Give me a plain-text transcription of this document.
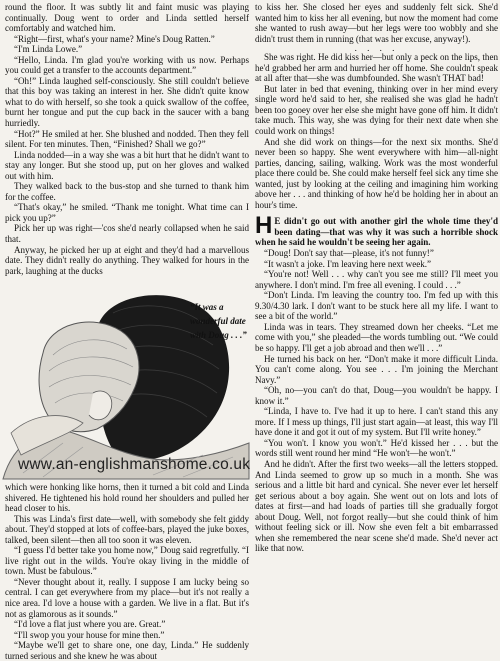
round the floor. It was subtly lit and faint music was playing continually. Doug went to order and Linda settled herself comfortably and watched him.

“Right—first, what's your name? Mine's Doug Ratten.”

“I'm Linda Lowe.”

“Hello, Linda. I'm glad you're working with us now. Perhaps you could get a transfer to the accounts department.”

“Oh!” Linda laughed self-consciously. She still couldn't believe that this boy was taking an interest in her. She didn't quite know what to do with herself, so she took a quick swallow of the coffee, burnt her tongue and put the cup back in the saucer with a bang hurriedly.

“Hot?” He smiled at her. She blushed and nodded. Then they fell silent. For ten minutes. Then, “Finished? Shall we go?”

Linda nodded—in a way she was a bit hurt that he didn't want to stay any longer. But she stood up, put on her gloves and walked out with him.

They walked back to the bus-stop and she turned to thank him for the coffee.

“That's okay,” he smiled. “Thank me tonight. What time can I pick you up?”

Pick her up was right—'cos she'd nearly collapsed when he said that.

Anyway, he picked her up at eight and they'd had a marvellous date. They didn't really do anything. They walked for hours in the park, laughing at the ducks

“It was a wonderful date with Doug . . .”
www.an-englishmanshome.co.uk

which were honking like horns, then it turned a bit cold and Linda shivered. He tightened his hold round her shoulders and pulled her head closer to his.

This was Linda's first date—well, with somebody she felt giddy about. They'd stopped at lots of coffee-bars, played the juke boxes, talked, been silent—then all too soon it was eleven.

“I guess I'd better take you home now,” Doug said regretfully. “I live right out in the wilds. You're okay living in the middle of town. Must be fabulous.”

“Never thought about it, really. I suppose I am lucky being so central. I can get everywhere from my place—but it's not really a nice area. I'd love a house with a garden. We live in a flat. But it's not as glamorous as it sounds.”

“I'd love a flat just where you are. Great.”

“I'll swop you your house for mine then.”

“Maybe we'll get to share one, one day, Linda.” He suddenly turned serious and she knew he was about

to kiss her. She closed her eyes and suddenly felt sick. She'd wanted him to kiss her all evening, but now the moment had come she wanted to rush away—but her legs were too wobbly and she didn't trust them in running (that was her excuse, anyway!).

. . . .

She was right. He did kiss her—but only a peck on the lips, then he'd grabbed her arm and hurried her off home. She couldn't speak at all after that—she was dumbfounded. She wasn't THAT bad!

But later in bed that evening, thinking over in her mind every single word he'd said to her, she realised she was glad he hadn't been too gooey over her else she might have gone off him. It didn't take much. This way, she was dying for their next date when she could work on things!

And she did work on things—for the next six months. She'd never been so happy. She went everywhere with him—all-night parties, dancing, sailing, walking. Work was the most wonderful place there could be. She could make herself feel sick any time she wanted, just by looking at the ceiling and imagining him working above her . . . and thinking of how he'd be holding her in about an hour's time.

H E didn't go out with another girl the whole time they'd been dating—that was why it was such a horrible shock when he said he wouldn't be seeing her again.

“Doug! Don't say that—please, it's not funny!”

“It wasn't a joke. I'm leaving here next week.”

“You're not! Well . . . why can't you see me still? I'll meet you anywhere. I don't mind. I'm free all evening. I could . . .”

“Don't Linda. I'm leaving the country too. I'm fed up with this 9.30/4.30 lark. I don't want to be stuck here all my life. I want to see a bit of the world.”

Linda was in tears. They streamed down her cheeks. “Let me come with you,” she pleaded—the words tumbling out. “We could be so happy. I'll get a job abroad and then we'll . . .”

He turned his back on her. “Don't make it more difficult Linda. You can't come along. You see . . . I'm joining the Merchant Navy.”

“Oh, no—you can't do that, Doug—you wouldn't be happy. I know it.”

“Linda, I have to. I've had it up to here. I can't stand this any more. If I mess up things, I'll just start again—at least, this way I'll have done it and got it out of my system. But I'll write honey.”

“You won't. I know you won't.” He'd kissed her . . . but the words still went round her mind “He won't—he won't.”

And he didn't. After the first two weeks—all the letters stopped. And Linda seemed to grow up so much in a month. She was serious and a little bit hard and cynical. She never ever let herself get serious about a boy again. She went out on lots and lots of dates at first—and had loads of parties till she gradually forgot about Doug. Well, not forgot really—but she could think of him without feeling sick or ill. Now she even felt a bit embarrassed when she remembered the near scene she'd made. She'd never act like that now.
